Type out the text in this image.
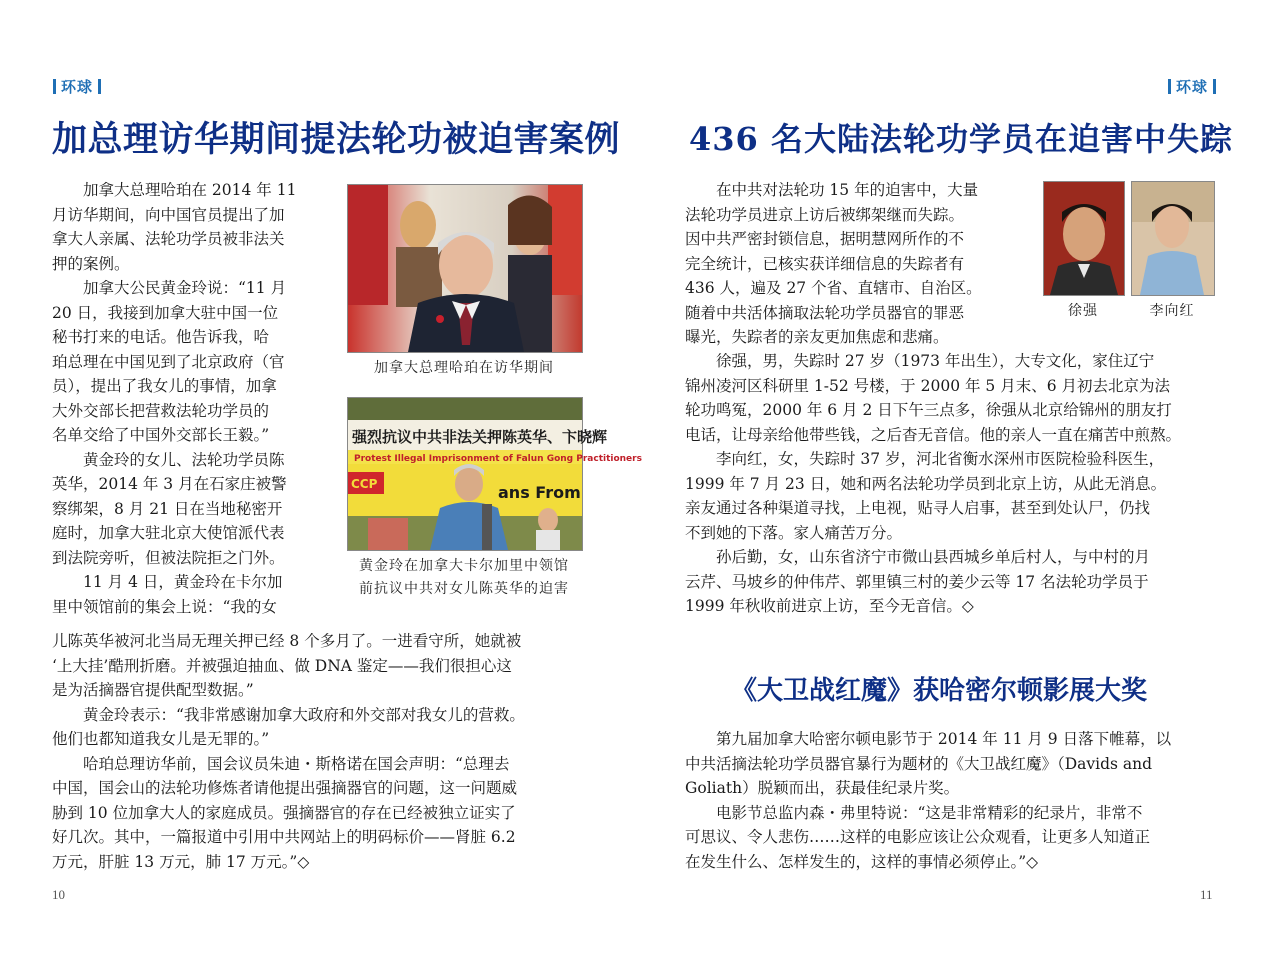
环球
加总理访华期间提法轮功被迫害案例
　　加拿大总理哈珀在 2014 年 11
月访华期间，向中国官员提出了加
拿大人亲属、法轮功学员被非法关
押的案例。
　　加拿大公民黄金玲说：“11 月
20 日，我接到加拿大驻中国一位
秘书打来的电话。他告诉我，哈
珀总理在中国见到了北京政府（官
员），提出了我女儿的事情，加拿
大外交部长把营救法轮功学员的
名单交给了中国外交部长王毅。”
　　黄金玲的女儿、法轮功学员陈
英华，2014 年 3 月在石家庄被警
察绑架，8 月 21 日在当地秘密开
庭时，加拿大驻北京大使馆派代表
到法院旁听，但被法院拒之门外。
　　11 月 4 日，黄金玲在卡尔加
里中领馆前的集会上说：“我的女
儿陈英华被河北当局无理关押已经 8 个多月了。一进看守所，她就被
‘上大挂’酷刑折磨。并被强迫抽血、做 DNA 鉴定——我们很担心这
是为活摘器官提供配型数据。”
　　黄金玲表示：“我非常感谢加拿大政府和外交部对我女儿的营救。
他们也都知道我女儿是无罪的。”
　　哈珀总理访华前，国会议员朱迪・斯格诺在国会声明：“总理去
中国，国会山的法轮功修炼者请他提出强摘器官的问题，这一问题威
胁到 10 位加拿大人的家庭成员。强摘器官的存在已经被独立证实了
好几次。其中，一篇报道中引用中共网站上的明码标价——肾脏 6.2
万元，肝脏 13 万元，肺 17 万元。”◇
加拿大总理哈珀在访华期间
强烈抗议中共非法关押陈英华、卞晓辉
Protest Illegal Imprisonment of Falun Gong Practitioners
CCP	ans From
黄金玲在加拿大卡尔加里中领馆
前抗议中共对女儿陈英华的迫害
10
环球
436 名大陆法轮功学员在迫害中失踪
　　在中共对法轮功 15 年的迫害中，大量
法轮功学员进京上访后被绑架继而失踪。
因中共严密封锁信息，据明慧网所作的不
完全统计，已核实获详细信息的失踪者有
436 人，遍及 27 个省、直辖市、自治区。
随着中共活体摘取法轮功学员器官的罪恶
曝光，失踪者的亲友更加焦虑和悲痛。
　　徐强，男，失踪时 27 岁（1973 年出生），大专文化，家住辽宁
锦州凌河区科研里 1-52 号楼，于 2000 年 5 月末、6 月初去北京为法
轮功鸣冤，2000 年 6 月 2 日下午三点多，徐强从北京给锦州的朋友打
电话，让母亲给他带些钱，之后杳无音信。他的亲人一直在痛苦中煎熬。
　　李向红，女，失踪时 37 岁，河北省衡水深州市医院检验科医生，
1999 年 7 月 23 日，她和两名法轮功学员到北京上访，从此无消息。
亲友通过各种渠道寻找，上电视，贴寻人启事，甚至到处认尸，仍找
不到她的下落。家人痛苦万分。
　　孙后勤，女，山东省济宁市微山县西城乡单后村人，与中村的月
云芹、马坡乡的仲伟芹、郭里镇三村的姜少云等 17 名法轮功学员于
1999 年秋收前进京上访，至今无音信。◇
徐强	李向红
《大卫战红魔》获哈密尔顿影展大奖
　　第九届加拿大哈密尔顿电影节于 2014 年 11 月 9 日落下帷幕，以
中共活摘法轮功学员器官暴行为题材的《大卫战红魔》（Davids and
Goliath）脱颖而出，获最佳纪录片奖。
　　电影节总监内森・弗里特说：“这是非常精彩的纪录片，非常不
可思议、令人悲伤……这样的电影应该让公众观看，让更多人知道正
在发生什么、怎样发生的，这样的事情必须停止。”◇
11
